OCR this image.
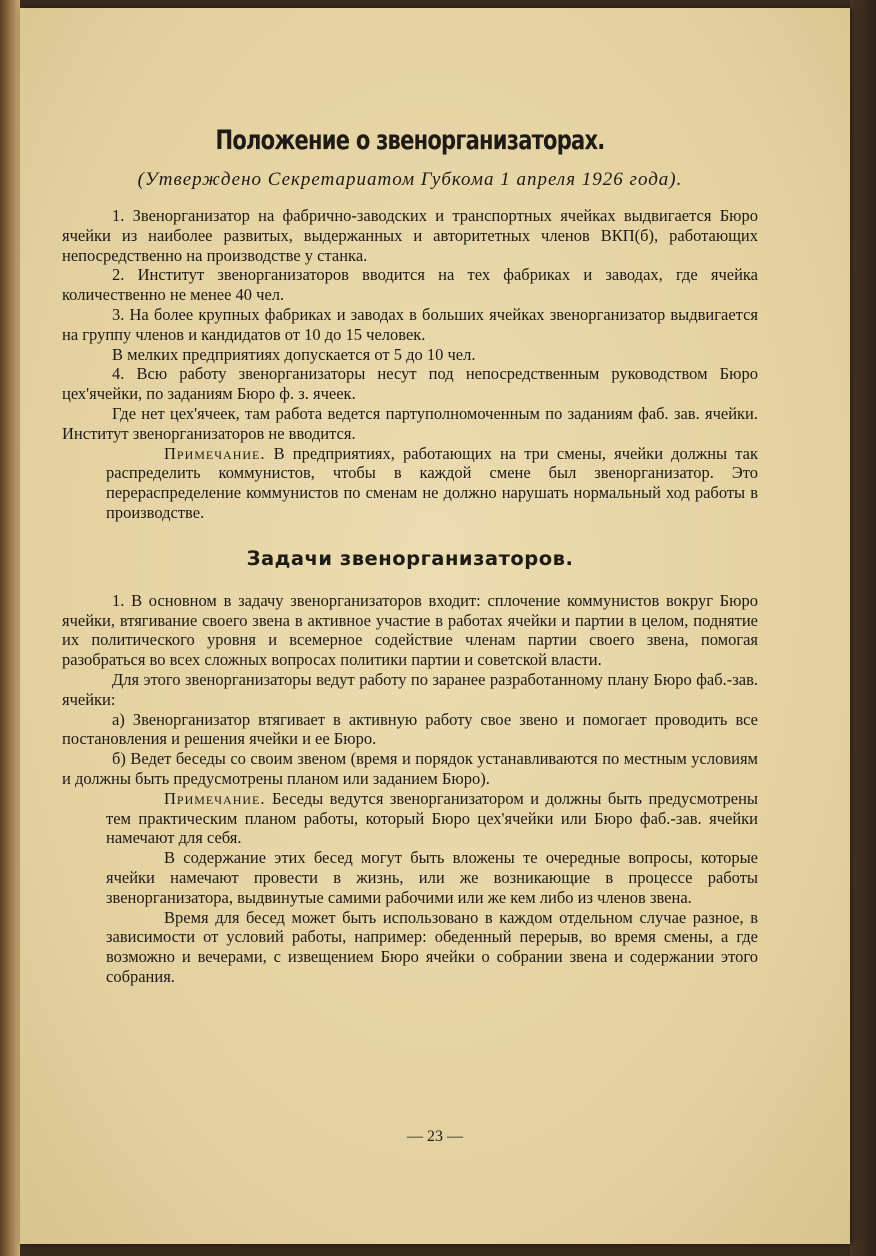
Положение о звенорганизаторах.
(Утверждено Секретариатом Губкома 1 апреля 1926 года).

1. Звенорганизатор на фабрично-заводских и транспортных ячейках выдвигается Бюро ячейки из наиболее развитых, выдержанных и авторитетных членов ВКП(б), работающих непосредственно на производстве у станка.

2. Институт звенорганизаторов вводится на тех фабриках и заводах, где ячейка количественно не менее 40 чел.

3. На более крупных фабриках и заводах в больших ячейках звенорганизатор выдвигается на группу членов и кандидатов от 10 до 15 человек.

В мелких предприятиях допускается от 5 до 10 чел.

4. Всю работу звенорганизаторы несут под непосредственным руководством Бюро цех'ячейки, по заданиям Бюро ф. з. ячеек.

Где нет цех'ячеек, там работа ведется партуполномоченным по заданиям фаб. зав. ячейки. Институт звенорганизаторов не вводится.

Примечание. В предприятиях, работающих на три смены, ячейки должны так распределить коммунистов, чтобы в каждой смене был звенорганизатор. Это перераспределение коммунистов по сменам не должно нарушать нормальный ход работы в производстве.

Задачи звенорганизаторов.

1. В основном в задачу звенорганизаторов входит: сплочение коммунистов вокруг Бюро ячейки, втягивание своего звена в активное участие в работах ячейки и партии в целом, поднятие их политического уровня и всемерное содействие членам партии своего звена, помогая разобраться во всех сложных вопросах политики партии и советской власти.

Для этого звенорганизаторы ведут работу по заранее разработанному плану Бюро фаб.-зав. ячейки:

а) Звенорганизатор втягивает в активную работу свое звено и помогает проводить все постановления и решения ячейки и ее Бюро.

б) Ведет беседы со своим звеном (время и порядок устанавливаются по местным условиям и должны быть предусмотрены планом или заданием Бюро).

Примечание. Беседы ведутся звенорганизатором и должны быть предусмотрены тем практическим планом работы, который Бюро цех'ячейки или Бюро фаб.-зав. ячейки намечают для себя.

В содержание этих бесед могут быть вложены те очередные вопросы, которые ячейки намечают провести в жизнь, или же возникающие в процессе работы звенорганизатора, выдвинутые самими рабочими или же кем либо из членов звена.

Время для бесед может быть использовано в каждом отдельном случае разное, в зависимости от условий работы, например: обеденный перерыв, во время смены, а где возможно и вечерами, с извещением Бюро ячейки о собрании звена и содержании этого собрания.

— 23 —
